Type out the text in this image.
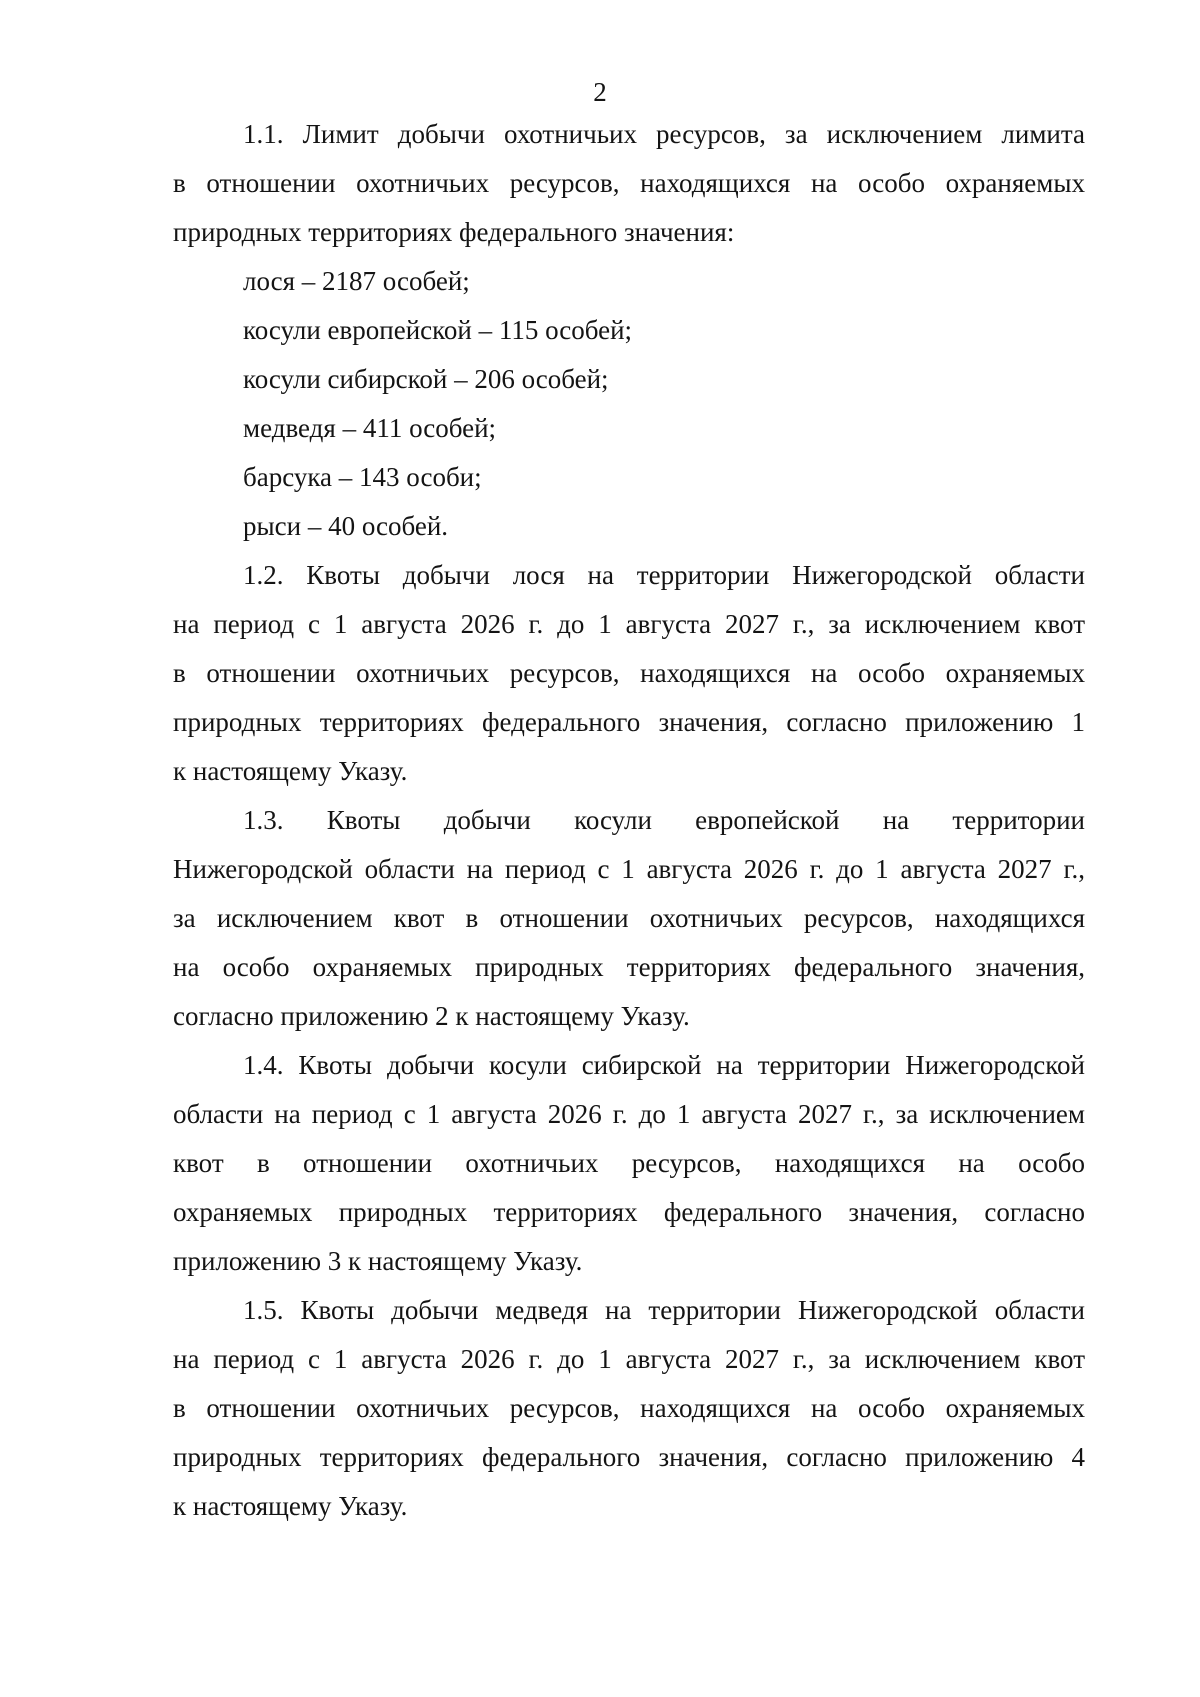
2
1.1. Лимит добычи охотничьих ресурсов, за исключением лимита
в отношении охотничьих ресурсов, находящихся на особо охраняемых
природных территориях федерального значения:
лося – 2187 особей;
косули европейской – 115 особей;
косули сибирской – 206 особей;
медведя – 411 особей;
барсука – 143 особи;
рыси – 40 особей.
1.2. Квоты добычи лося на территории Нижегородской области
на период с 1 августа 2026 г. до 1 августа 2027 г., за исключением квот
в отношении охотничьих ресурсов, находящихся на особо охраняемых
природных территориях федерального значения, согласно приложению 1
к настоящему Указу.
1.3. Квоты добычи косули европейской на территории
Нижегородской области на период с 1 августа 2026 г. до 1 августа 2027 г.,
за исключением квот в отношении охотничьих ресурсов, находящихся
на особо охраняемых природных территориях федерального значения,
согласно приложению 2 к настоящему Указу.
1.4. Квоты добычи косули сибирской на территории Нижегородской
области на период с 1 августа 2026 г. до 1 августа 2027 г., за исключением
квот в отношении охотничьих ресурсов, находящихся на особо
охраняемых природных территориях федерального значения, согласно
приложению 3 к настоящему Указу.
1.5. Квоты добычи медведя на территории Нижегородской области
на период с 1 августа 2026 г. до 1 августа 2027 г., за исключением квот
в отношении охотничьих ресурсов, находящихся на особо охраняемых
природных территориях федерального значения, согласно приложению 4
к настоящему Указу.
